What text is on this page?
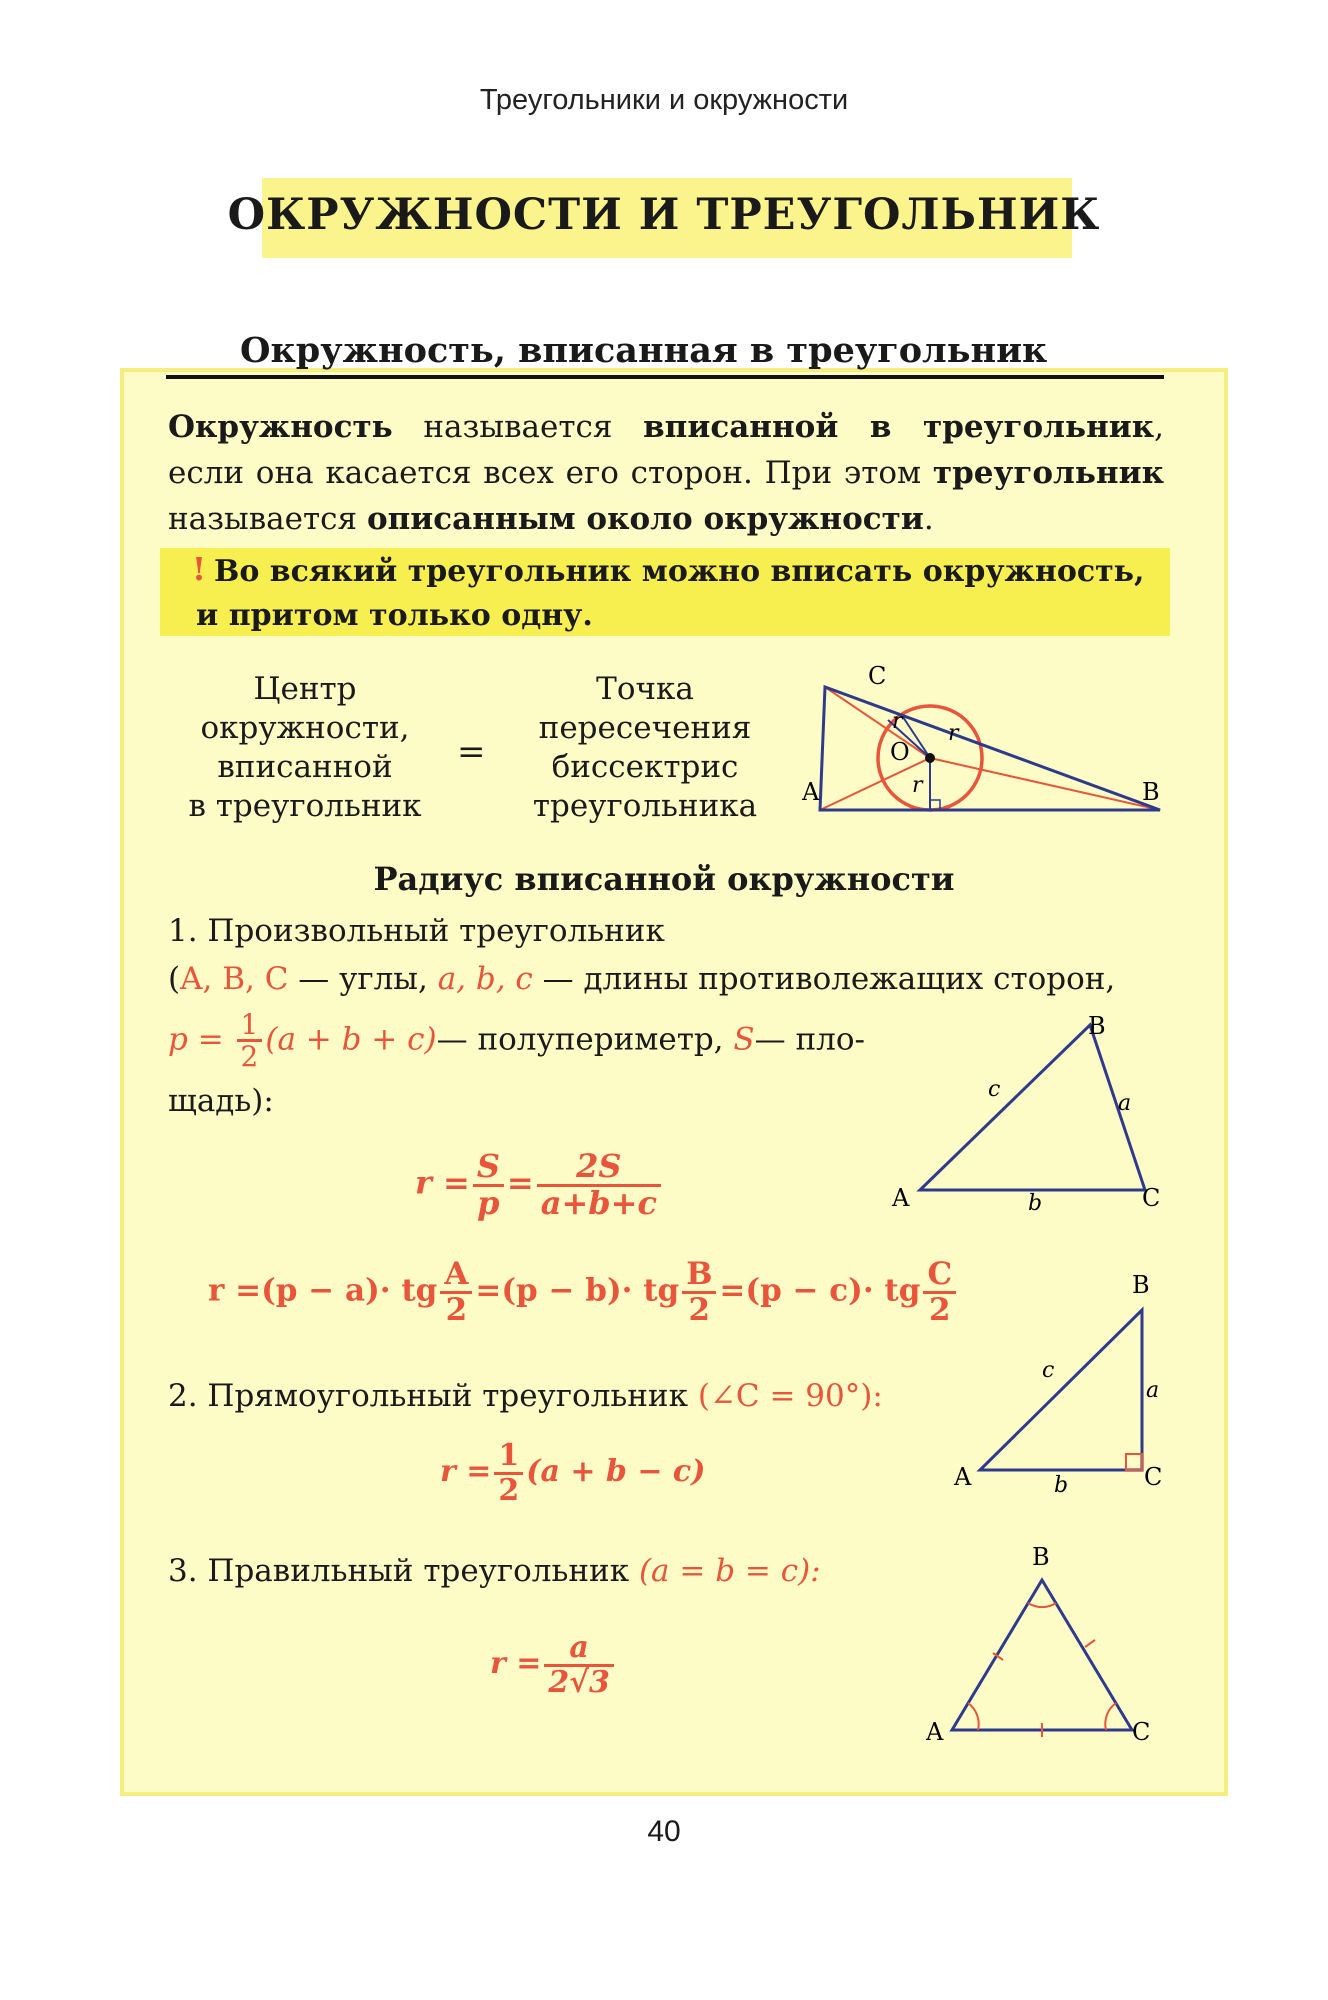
Треугольники и окружности
ОКРУЖНОСТИ И ТРЕУГОЛЬНИК
Окружность, вписанная в треугольник
Окружность называется вписанной в треугольник, если она касается всех его сторон. При этом треугольник называется описанным около окружности.
! Во всякий треугольник можно вписать окружность, и притом только одну.
Центр
окружности,
вписанной
в треугольник
=
Точка
пересечения
биссектрис
треугольника
C
A	B
O
r r
r
Радиус вписанной окружности
1. Произвольный треугольник
(A, B, C — углы, a, b, c — длины противолежащих сторон,
$p = \frac{1}{2} (a + b$ + c)— полупериметр, S— пло-
щадь):
$r = \frac{S}{p} = \frac{2S}{a+b+c}$
r =(p − a)· tg $\frac{A}{2} =(p - b)\cdot$ tg $\frac{B}{2} =(p - c)\cdot$ tg $\frac{C}{2}$
B
A	C
a
b
c
2. Прямоугольный треугольник (∠C = 90°):
$r = \frac{1}{2} (a + b - c)$
B
A	C
a
b
c
3. Правильный треугольник (a = b = c):
$r = \frac{a}{2√3}$
B
A	C
40
